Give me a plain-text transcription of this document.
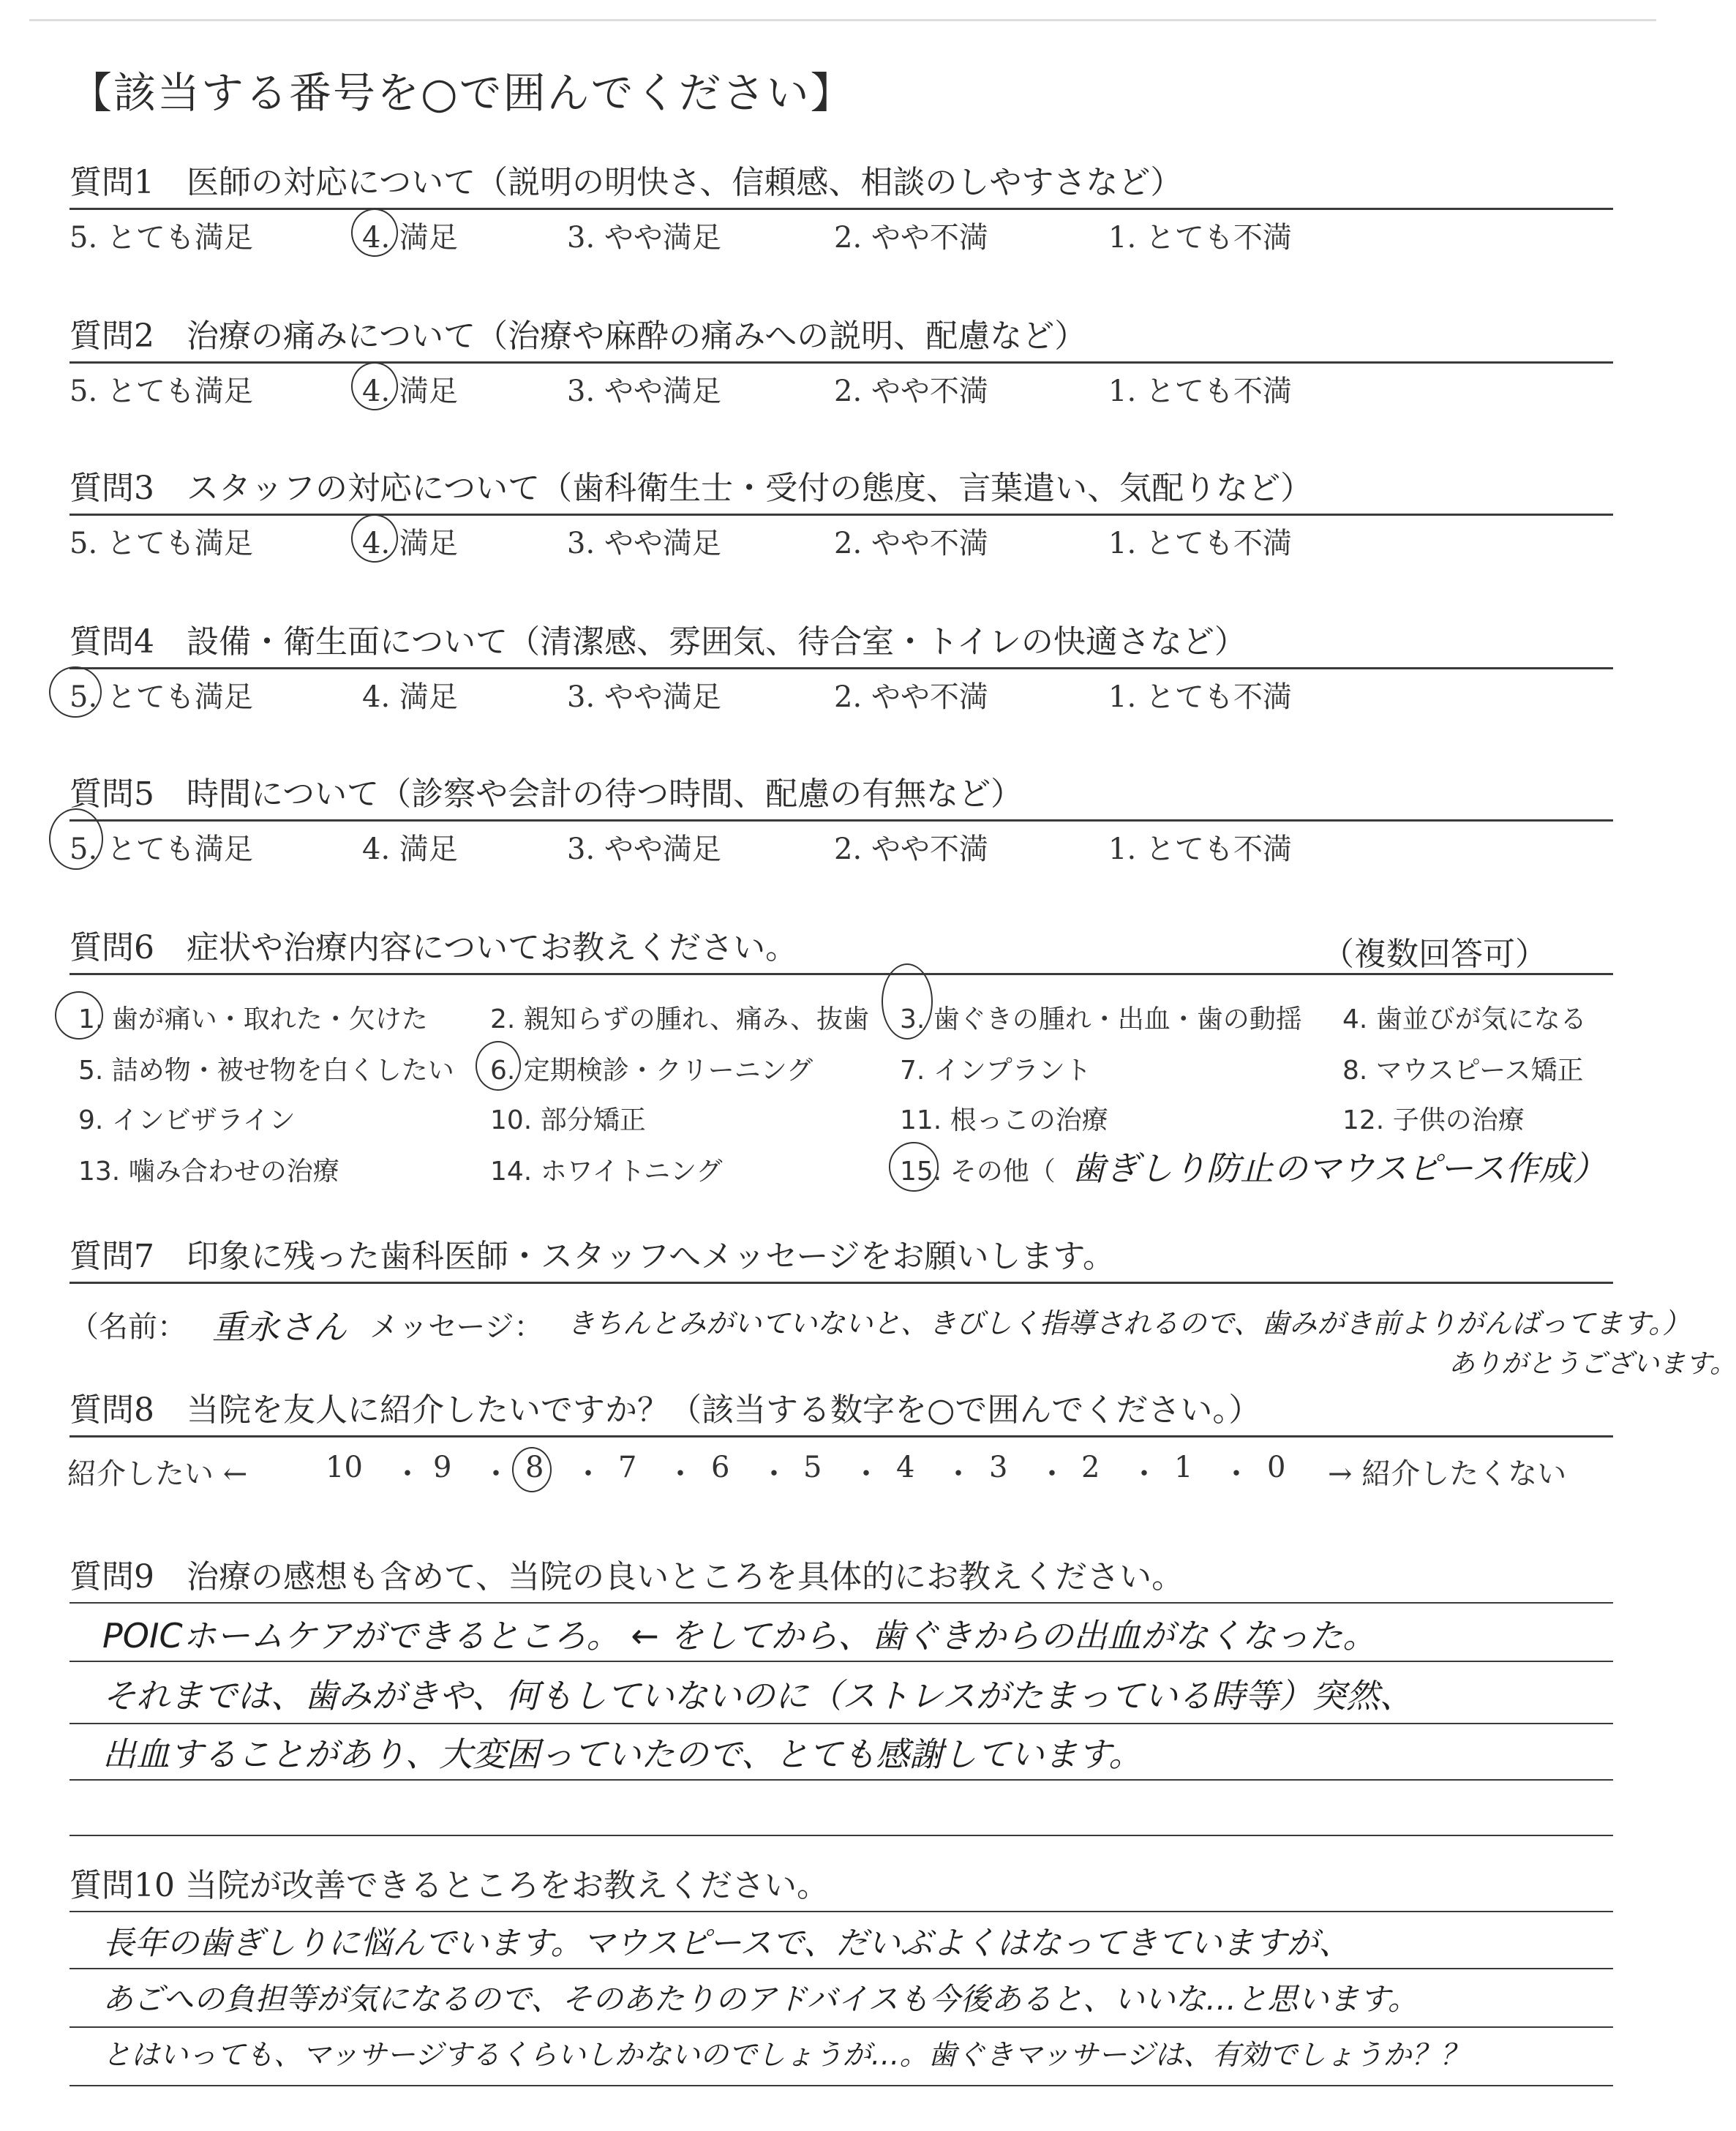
【該当する番号を○で囲んでください】
質問1　医師の対応について（説明の明快さ、信頼感、相談のしやすさなど）
5. とても満足	4. 満足	3. やや満足	2. やや不満	1. とても不満
質問2　治療の痛みについて（治療や麻酔の痛みへの説明、配慮など）
5. とても満足	4. 満足	3. やや満足	2. やや不満	1. とても不満
質問3　スタッフの対応について（歯科衛生士・受付の態度、言葉遣い、気配りなど）
5. とても満足	4. 満足	3. やや満足	2. やや不満	1. とても不満
質問4　設備・衛生面について（清潔感、雰囲気、待合室・トイレの快適さなど）
5. とても満足	4. 満足	3. やや満足	2. やや不満	1. とても不満
質問5　時間について（診察や会計の待つ時間、配慮の有無など）
5. とても満足	4. 満足	3. やや満足	2. やや不満	1. とても不満
質問6　症状や治療内容についてお教えください。	（複数回答可）
1. 歯が痛い・取れた・欠けた 2. 親知らずの腫れ、痛み、抜歯 3. 歯ぐきの腫れ・出血・歯の動揺 4. 歯並びが気になる
5. 詰め物・被せ物を白くしたい 6. 定期検診・クリーニング	7. インプラント	8. マウスピース矯正
9. インビザライン	10. 部分矯正	11. 根っこの治療	12. 子供の治療
13. 噛み合わせの治療	14. ホワイトニング	15. その他（ 歯ぎしり防止のマウスピース作成）
質問7　印象に残った歯科医師・スタッフへメッセージをお願いします。
（名前： 重永さん メッセージ： きちんとみがいていないと、きびしく指導されるので、歯みがき前よりがんばってます。）
ありがとうございます。
質問8　当院を友人に紹介したいですか？（該当する数字を○で囲んでください。）
紹介したい ←	10 ・ 9 ・ 8 ・ 7 ・ 6 ・ 5 ・ 4 ・ 3 ・ 2 ・ 1 ・ 0 → 紹介したくない
質問9　治療の感想も含めて、当院の良いところを具体的にお教えください。
POICホームケアができるところ。 ← をしてから、歯ぐきからの出血がなくなった。
それまでは、歯みがきや、何もしていないのに（ストレスがたまっている時等）突然、
出血することがあり、大変困っていたので、とても感謝しています。
質問10 当院が改善できるところをお教えください。
長年の歯ぎしりに悩んでいます。マウスピースで、だいぶよくはなってきていますが、
あごへの負担等が気になるので、そのあたりのアドバイスも今後あると、いいな…と思います。
とはいっても、マッサージするくらいしかないのでしょうが…。歯ぐきマッサージは、有効でしょうか？？
